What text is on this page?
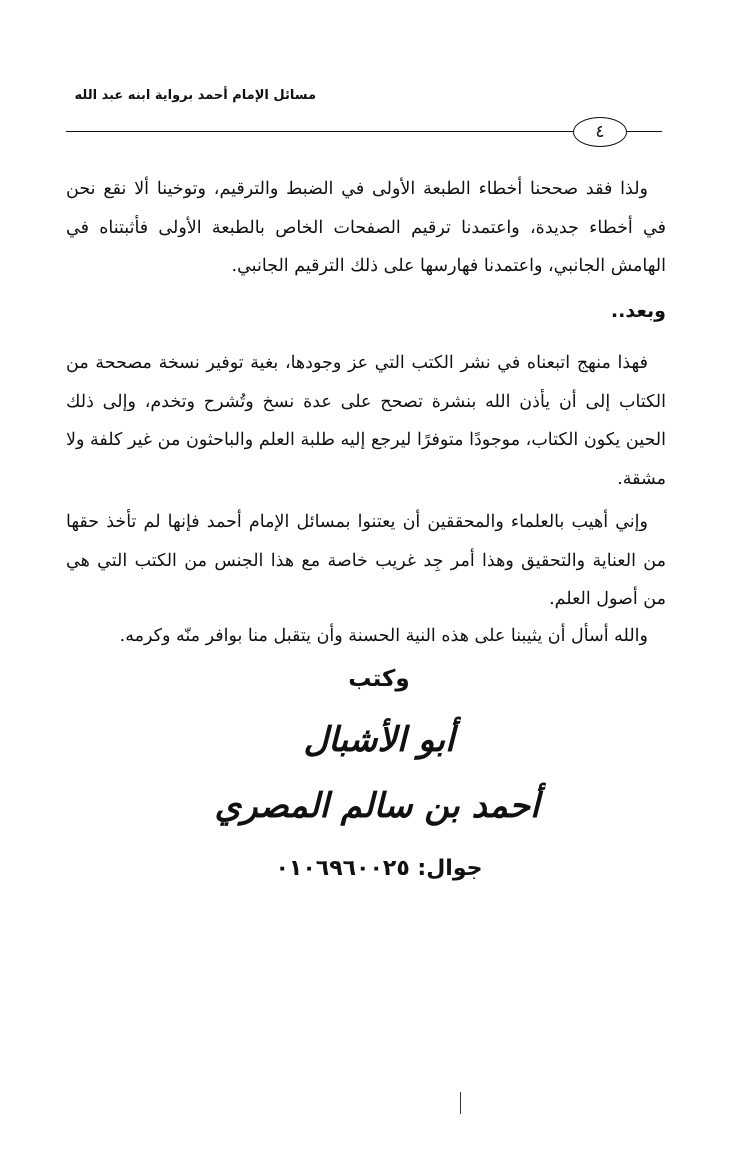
مسائل الإمام أحمد برواية ابنه عبد الله
٤

ولذا فقد صححنا أخطاء الطبعة الأولى في الضبط والترقيم، وتوخينا ألا نقع نحن في أخطاء جديدة، واعتمدنا ترقيم الصفحات الخاص بالطبعة الأولى فأثبتناه في الهامش الجانبي، واعتمدنا فهارسها على ذلك الترقيم الجانبي.

وبعد..

فهذا منهج اتبعناه في نشر الكتب التي عز وجودها، بغية توفير نسخة مصححة من الكتاب إلى أن يأذن الله بنشرة تصحح على عدة نسخ وتُشرح وتخدم، وإلى ذلك الحين يكون الكتاب، موجودًا متوفرًا ليرجع إليه طلبة العلم والباحثون من غير كلفة ولا مشقة.

وإني أهيب بالعلماء والمحققين أن يعتنوا بمسائل الإمام أحمد فإنها لم تأخذ حقها من العناية والتحقيق وهذا أمر جِد غريب خاصة مع هذا الجنس من الكتب التي هي من أصول العلم.

والله أسأل أن يثيبنا على هذه النية الحسنة وأن يتقبل منا بوافر منّه وكرمه.

وكتب
أبو الأشبال
أحمد بن سالم المصري
جوال: ٠١٠٦٩٦٠٠٢٥
